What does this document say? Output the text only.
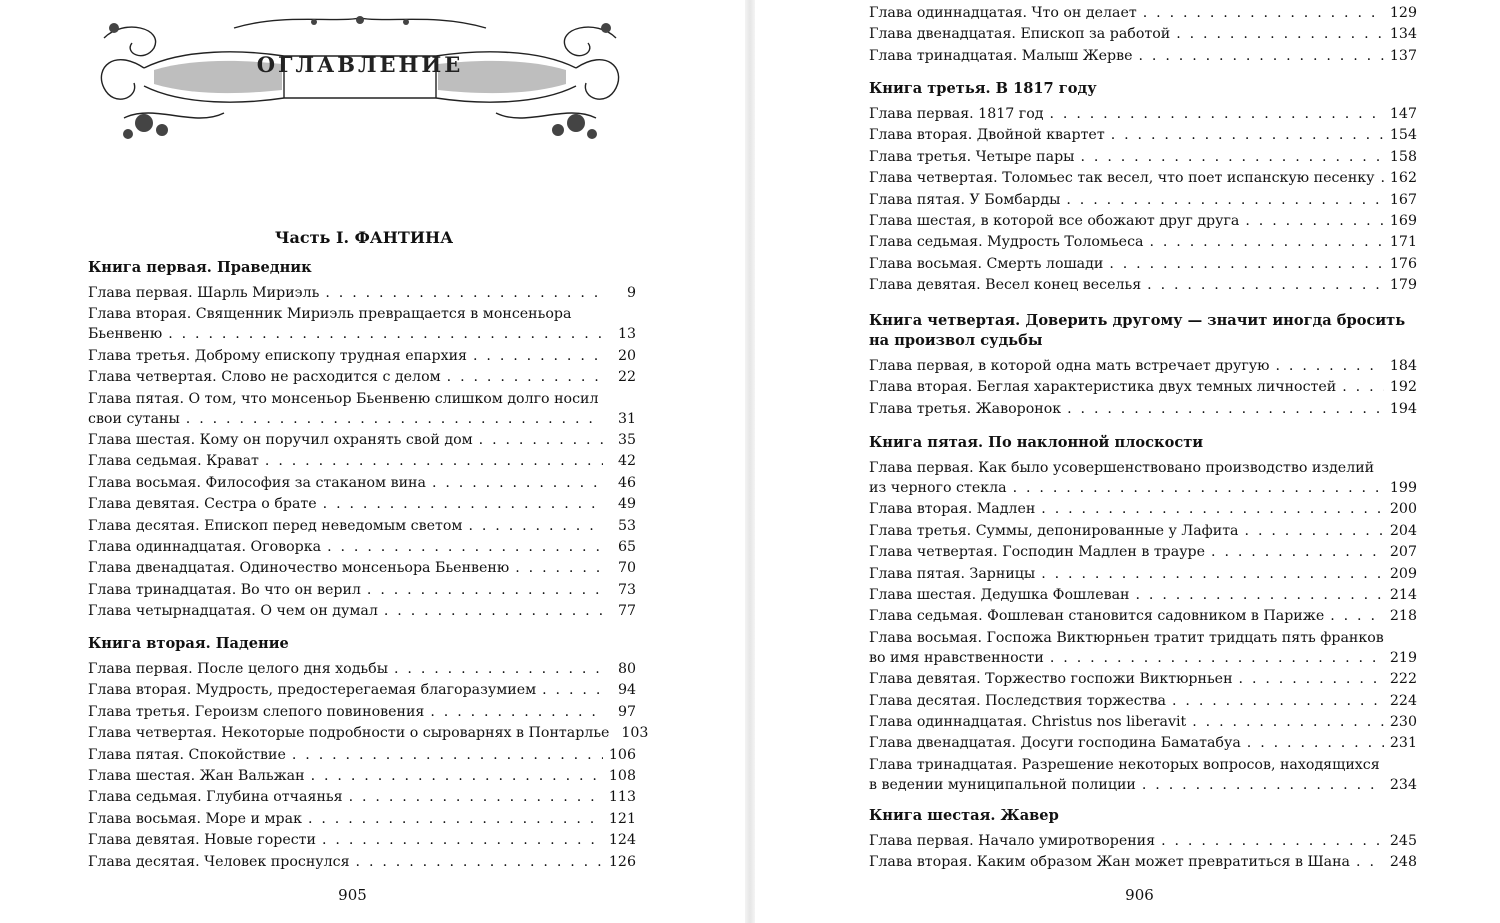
ОГЛАВЛЕНИЕ
Часть I. ФАНТИНА
Книга первая. Праведник
Глава первая. Шарль Мириэль . . .	9
Глава вторая. Священник Мириэль превращается в монсеньора
Бьенвеню . . .	13
Глава третья. Доброму епископу трудная епархия . . .	20
Глава четвертая. Слово не расходится с делом . . .	22
Глава пятая. О том, что монсеньор Бьенвеню слишком долго носил
свои сутаны . . .	31
Глава шестая. Кому он поручил охранять свой дом . . .	35
Глава седьмая. Крават . . .	42
Глава восьмая. Философия за стаканом вина . . .	46
Глава девятая. Сестра о брате . . .	49
Глава десятая. Епископ перед неведомым светом . . .	53
Глава одиннадцатая. Оговорка . . .	65
Глава двенадцатая. Одиночество монсеньора Бьенвеню . . .	70
Глава тринадцатая. Во что он верил . . .	73
Глава четырнадцатая. О чем он думал . . .	77
Книга вторая. Падение
Глава первая. После целого дня ходьбы . . .	80
Глава вторая. Мудрость, предостерегаемая благоразумием . . .	94
Глава третья. Героизм слепого повиновения . . .	97
Глава четвертая. Некоторые подробности о сыроварнях в Понтарлье 103
Глава пятая. Спокойствие . . .	106
Глава шестая. Жан Вальжан . . .	108
Глава седьмая. Глубина отчаянья . . .	113
Глава восьмая. Море и мрак . . .	121
Глава девятая. Новые горести . . .	124
Глава десятая. Человек проснулся . . .	126
905
Глава одиннадцатая. Что он делает . . .	129
Глава двенадцатая. Епископ за работой . . .	134
Глава тринадцатая. Малыш Жерве . . .	137
Книга третья. В 1817 году
Глава первая. 1817 год . . .	147
Глава вторая. Двойной квартет . . .	154
Глава третья. Четыре пары . . .	158
Глава четвертая. Толомьес так весел, что поет испанскую песенку . . . 162
Глава пятая. У Бомбарды . . .	167
Глава шестая, в которой все обожают друг друга . . .	169
Глава седьмая. Мудрость Толомьеса . . .	171
Глава восьмая. Смерть лошади . . .	176
Глава девятая. Весел конец веселья . . .	179
Книга четвертая. Доверить другому — значит иногда бросить
на произвол судьбы
Глава первая, в которой одна мать встречает другую . . .	184
Глава вторая. Беглая характеристика двух темных личностей . . .	192
Глава третья. Жаворонок . . .	194
Книга пятая. По наклонной плоскости
Глава первая. Как было усовершенствовано производство изделий
из черного стекла . . .	199
Глава вторая. Мадлен . . .	200
Глава третья. Суммы, депонированные у Лафита . . .	204
Глава четвертая. Господин Мадлен в трауре . . .	207
Глава пятая. Зарницы . . .	209
Глава шестая. Дедушка Фошлеван . . .	214
Глава седьмая. Фошлеван становится садовником в Париже . . .	218
Глава восьмая. Госпожа Виктюрньен тратит тридцать пять франков
во имя нравственности . . .	219
Глава девятая. Торжество госпожи Виктюрньен . . .	222
Глава десятая. Последствия торжества . . .	224
Глава одиннадцатая. Christus nos liberavit . . .	230
Глава двенадцатая. Досуги господина Баматабуа . . .	231
Глава тринадцатая. Разрешение некоторых вопросов, находящихся
в ведении муниципальной полиции . . .	234
Книга шестая. Жавер
Глава первая. Начало умиротворения . . .	245
Глава вторая. Каким образом Жан может превратиться в Шана . . .	248
906
